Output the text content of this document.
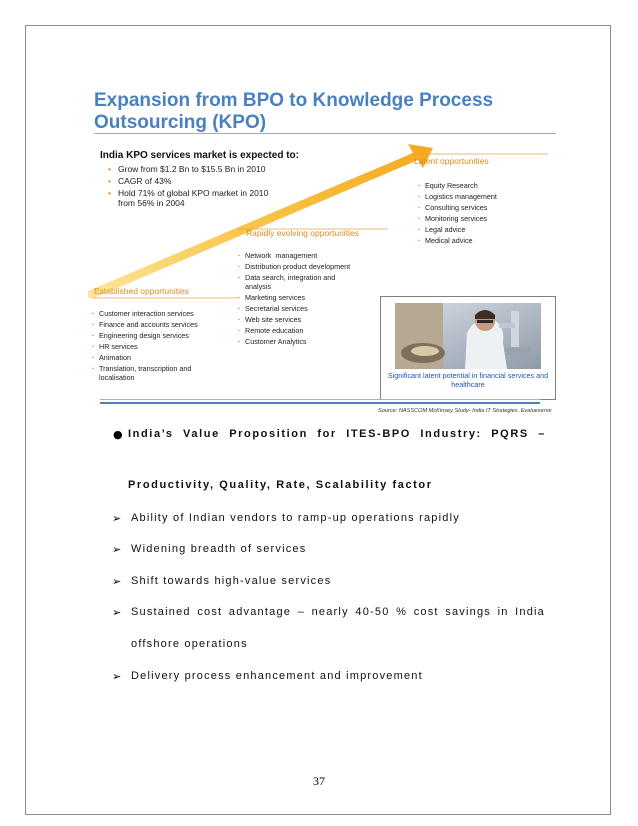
Expansion from BPO to Knowledge Process
Outsourcing (KPO)
India KPO services market is expected to:
• Grow from $1.2 Bn to $15.5 Bn in 2010
• CAGR of 43%
• Hold 71% of global KPO market in 2010
from 56% in 2004
Latent opportunities
▪ Equity Research
▪ Logistics management
▪ Consulting services
▪ Monitoring services
▪ Legal advice
▪ Medical advice
Rapidly evolving opportunities
▪ Network  management
▪ Distribution product development
▪ Data search, integration and
analysis
▪ Marketing services
▪ Secretarial services
▪ Web site services
▪ Remote education
▪ Customer Analytics
Established opportunities
▪ Customer interaction services
▪ Finance and accounts services
▪ Engineering design services
▪ HR services
▪ Animation
▪ Translation, transcription and
localisation	Significant latent potential in financial services and healthcare
Source: NASSCOM McKinsey Study- India IT Strategies, Evalueserve
● India’s Value Proposition for ITES-BPO Industry: PQRS –
Productivity, Quality, Rate, Scalability factor
➢ Ability of Indian vendors to ramp-up operations rapidly
➢ Widening breadth of services
➢ Shift towards high-value services
➢ Sustained cost advantage – nearly 40-50 % cost savings in India
offshore operations
➢ Delivery process enhancement and improvement
37
